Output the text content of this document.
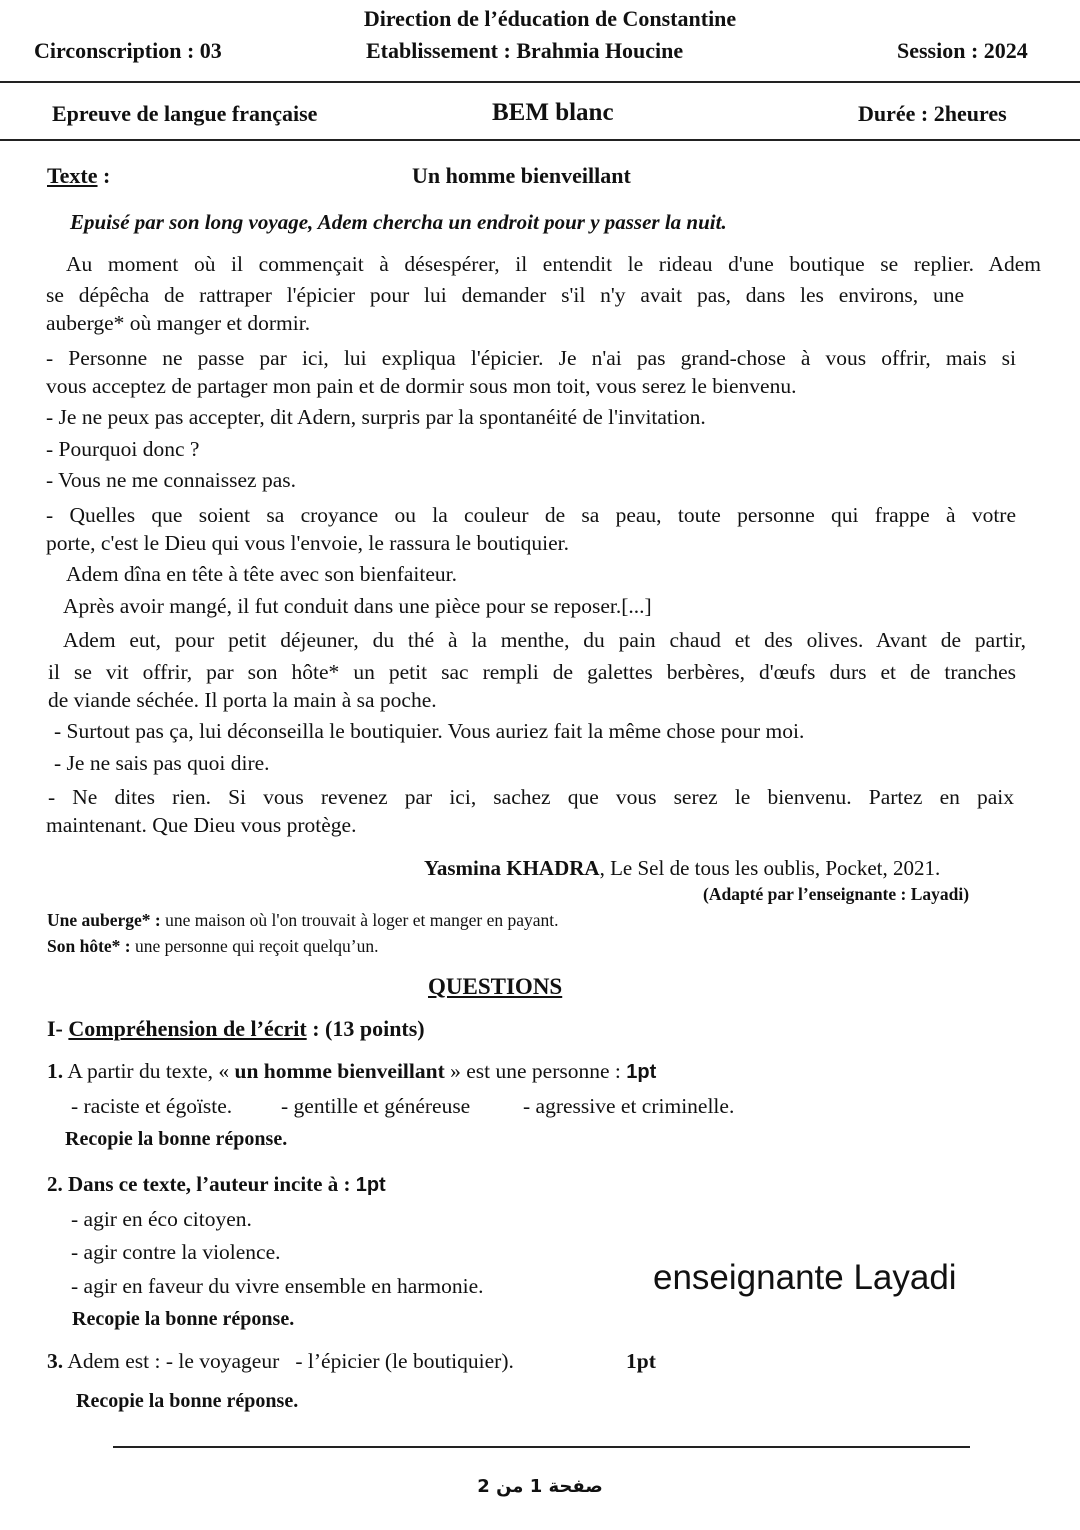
Direction de l’éducation de Constantine
Circonscription : 03	Etablissement : Brahmia Houcine	Session : 2024
Epreuve de langue française	BEM blanc	Durée : 2heures
Texte :	Un homme bienveillant
Epuisé par son long voyage, Adem chercha un endroit pour y passer la nuit.
Au moment où il commençait à désespérer, il entendit le rideau d'une boutique se replier. Adem
se dépêcha de rattraper l'épicier pour lui demander s'il n'y avait pas, dans les environs, une
auberge* où manger et dormir.
- Personne ne passe par ici, lui expliqua l'épicier. Je n'ai pas grand-chose à vous offrir, mais si
vous acceptez de partager mon pain et de dormir sous mon toit, vous serez le bienvenu.
- Je ne peux pas accepter, dit Adern, surpris par la spontanéité de l'invitation.
- Pourquoi donc ?
- Vous ne me connaissez pas.
- Quelles que soient sa croyance ou la couleur de sa peau, toute personne qui frappe à votre
porte, c'est le Dieu qui vous l'envoie, le rassura le boutiquier.
Adem dîna en tête à tête avec son bienfaiteur.
Après avoir mangé, il fut conduit dans une pièce pour se reposer.[...]
Adem eut, pour petit déjeuner, du thé à la menthe, du pain chaud et des olives. Avant de partir,
il se vit offrir, par son hôte* un petit sac rempli de galettes berbères, d'œufs durs et de tranches
de viande séchée. Il porta la main à sa poche.
- Surtout pas ça, lui déconseilla le boutiquier. Vous auriez fait la même chose pour moi.
- Je ne sais pas quoi dire.
- Ne dites rien. Si vous revenez par ici, sachez que vous serez le bienvenu. Partez en paix
maintenant. Que Dieu vous protège.
Yasmina KHADRA, Le Sel de tous les oublis, Pocket, 2021.
(Adapté par l’enseignante : Layadi)
Une auberge* : une maison où l'on trouvait à loger et manger en payant.
Son hôte* : une personne qui reçoit quelqu’un.
QUESTIONS
I- Compréhension de l’écrit : (13 points)
1. A partir du texte, « un homme bienveillant » est une personne : 1pt
- raciste et égoïste. - gentille et généreuse - agressive et criminelle.
Recopie la bonne réponse.
2. Dans ce texte, l’auteur incite à : 1pt
- agir en éco citoyen.
- agir contre la violence.
- agir en faveur du vivre ensemble en harmonie.
Recopie la bonne réponse.
enseignante Layadi
3. Adem est : - le voyageur   - l’épicier (le boutiquier).	1pt
Recopie la bonne réponse.
صفحة 1 من 2
